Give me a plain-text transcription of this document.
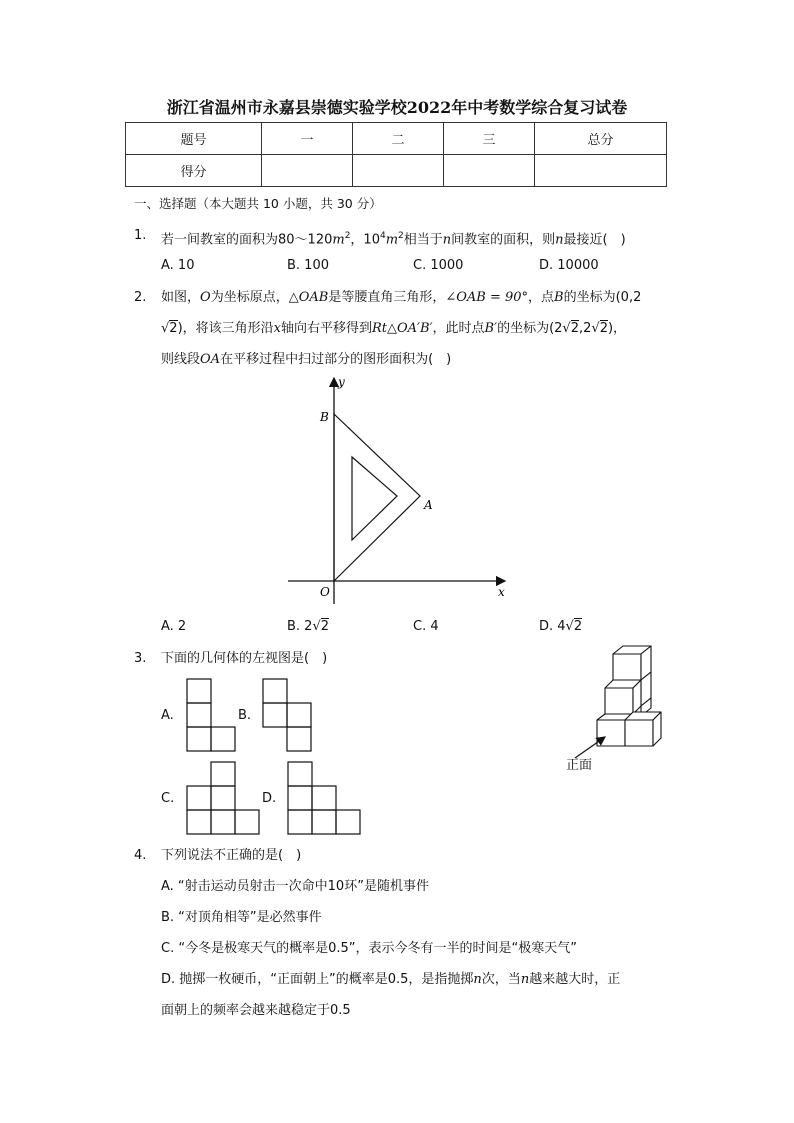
浙江省温州市永嘉县崇德实验学校2022年中考数学综合复习试卷
题号	一	二	三	总分
得分				
一、选择题（本大题共 10 小题，共 30 分）
1. 若一间教室的面积为$80\sim 120m^2$，$10^4m^2$相当于n间教室的面积，则n最接近(　)
A. 10	B. 100	C. 1000	D. 10000
2. 如图，O为坐标原点，△OAB是等腰直角三角形，∠OAB = 90°，点B的坐标为(0,2
√2)，将该三角形沿x轴向右平移得到Rt△OA′B′，此时点B′的坐标为(2√2,2√2)，
则线段OA在平移过程中扫过部分的图形面积为(　)
y
x
O
A
B
A. 2	B. 2√2	C. 4	D. 4√2
3. 下面的几何体的左视图是(　)
A.	B.
C.	D.
正面
4. 下列说法不正确的是(　)
A. “射击运动员射击一次命中10环”是随机事件
B. “对顶角相等”是必然事件
C. “今冬是极寒天气的概率是0.5”，表示今冬有一半的时间是“极寒天气”
D. 抛掷一枚硬币，“正面朝上”的概率是0.5，是指抛掷n次，当n越来越大时，正
面朝上的频率会越来越稳定于0.5
